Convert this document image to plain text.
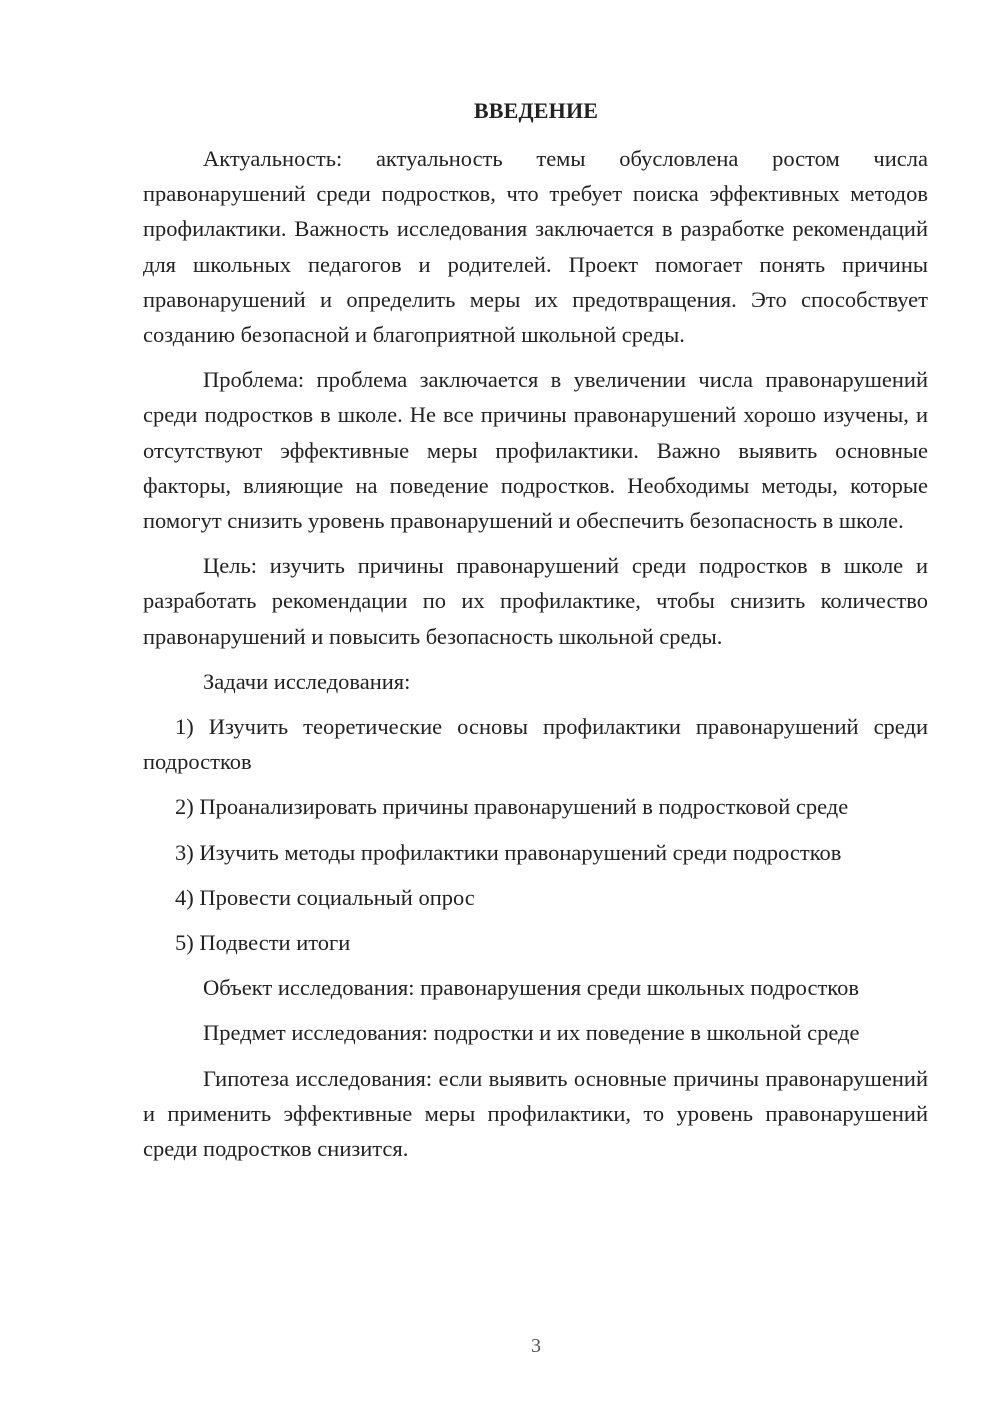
ВВЕДЕНИЕ

Актуальность: актуальность темы обусловлена ростом числа правонарушений среди подростков, что требует поиска эффективных методов профилактики. Важность исследования заключается в разработке рекомендаций для школьных педагогов и родителей. Проект помогает понять причины правонарушений и определить меры их предотвращения. Это способствует созданию безопасной и благоприятной школьной среды.

Проблема: проблема заключается в увеличении числа правонарушений среди подростков в школе. Не все причины правонарушений хорошо изучены, и отсутствуют эффективные меры профилактики. Важно выявить основные факторы, влияющие на поведение подростков. Необходимы методы, которые помогут снизить уровень правонарушений и обеспечить безопасность в школе.

Цель: изучить причины правонарушений среди подростков в школе и разработать рекомендации по их профилактике, чтобы снизить количество правонарушений и повысить безопасность школьной среды.

Задачи исследования:

1) Изучить теоретические основы профилактики правонарушений среди подростков

2) Проанализировать причины правонарушений в подростковой среде

3) Изучить методы профилактики правонарушений среди подростков

4) Провести социальный опрос

5) Подвести итоги

Объект исследования: правонарушения среди школьных подростков

Предмет исследования: подростки и их поведение в школьной среде

Гипотеза исследования: если выявить основные причины правонарушений и применить эффективные меры профилактики, то уровень правонарушений среди подростков снизится.

3
